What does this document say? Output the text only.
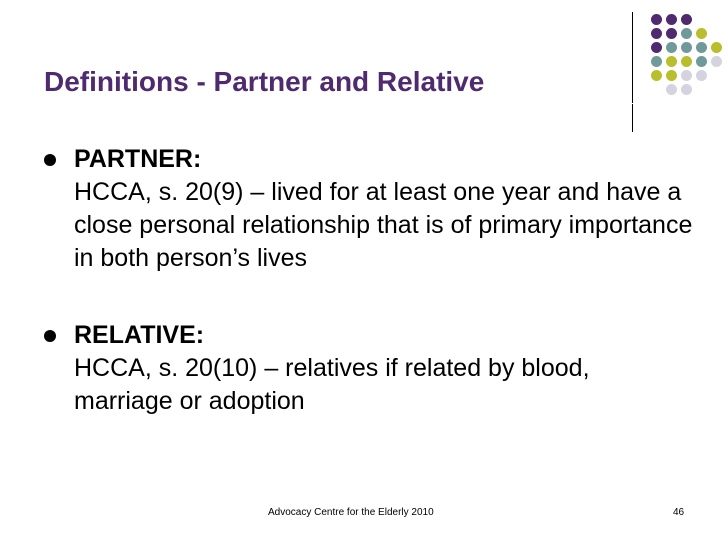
Definitions - Partner and Relative
PARTNER:
HCCA, s. 20(9) – lived for at least one year and have a close personal relationship that is of primary importance in both person’s lives
RELATIVE:
HCCA, s. 20(10) – relatives if related by blood, marriage or adoption
Advocacy Centre for the Elderly 2010	46
